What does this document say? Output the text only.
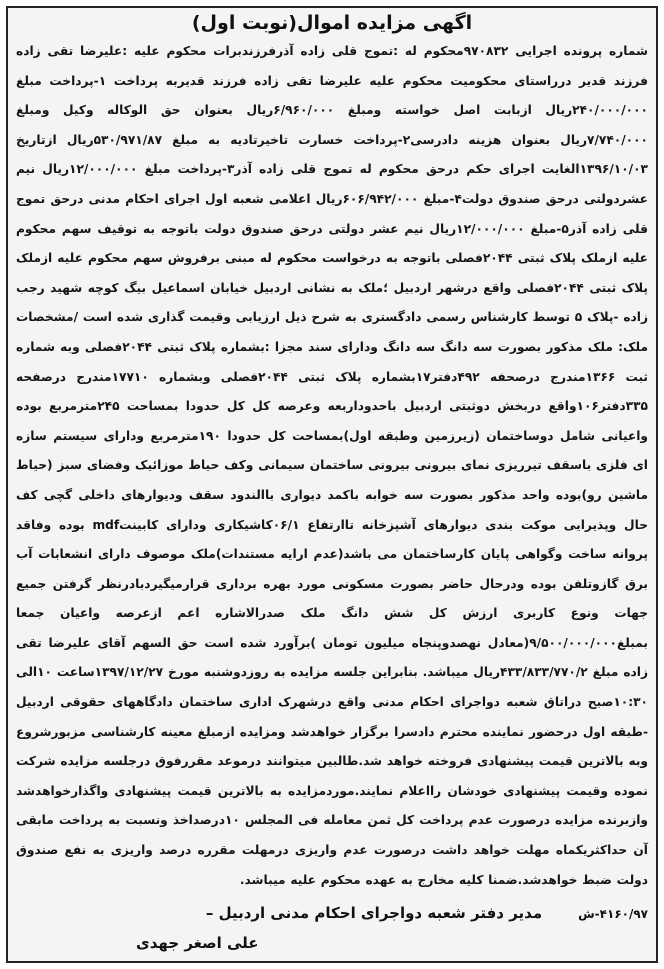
اگهی مزایده اموال(نوبت اول)

شماره پرونده اجرایی ۹۷۰۸۳۲محکوم له :تموج قلی زاده آذرفرزندبرات محکوم علیه :علیرضا تقی زاده فرزند قدیر درراستای محکومیت محکوم علیه علیرضا تقی زاده فرزند قدیربه پرداخت ۱-پرداخت مبلغ ۲۴۰/۰۰۰/۰۰۰ریال ازبابت اصل خواسته ومبلغ ۶/۹۶۰/۰۰۰ریال بعنوان حق الوکاله وکیل ومبلغ ۷/۷۴۰/۰۰۰ریال بعنوان هزینه دادرسی۲-پرداخت خسارت تاخیرتادیه به مبلغ ۵۳۰/۹۷۱/۸۷ریال ازتاریخ ۱۳۹۶/۱۰/۰۳الغایت اجرای حکم درحق محکوم له تموج قلی زاده آذر۳-پرداخت مبلغ ۱۲/۰۰۰/۰۰۰ریال نیم عشردولتی درحق صندوق دولت۴-مبلغ ۶۰۶/۹۴۲/۰۰۰ریال اعلامی شعبه اول اجرای احکام مدنی درحق تموج قلی زاده آذر۵-مبلغ ۱۲/۰۰۰/۰۰۰ریال نیم عشر دولتی درحق صندوق دولت باتوجه به توقیف سهم محکوم علیه ازملک پلاک ثبتی ۲۰۴۴فصلی باتوجه به درخواست محکوم له مبنی برفروش سهم محکوم علیه ازملک پلاک ثبتی ۲۰۴۴فصلی واقع درشهر اردبیل ؛ملک به نشانی اردبیل خیابان اسماعیل بیگ کوچه شهید رجب زاده -پلاک ۵ توسط کارشناس رسمی دادگستری به شرح ذیل ارزیابی وقیمت گذاری شده است /مشخصات ملک: ملک مذکور بصورت سه دانگ سه دانگ ودارای سند مجزا :بشماره پلاک ثبتی ۲۰۴۴فصلی وبه شماره ثبت ۱۳۶۶مندرج درصحفه ۴۹۲دفتر۱۷بشماره پلاک ثبتی ۲۰۴۴فصلی وبشماره ۱۷۷۱۰مندرج درصفحه ۳۳۵دفتر۱۰۶واقع دربخش دوثبتی اردبیل باحدوداربعه وعرصه کل کل حدودا بمساحت ۲۴۵مترمربع بوده واعیانی شامل دوساختمان (زیرزمین وطبقه اول)بمساحت کل حدودا ۱۹۰مترمربع ودارای سیستم سازه ای فلزی باسقف تیرریزی نمای بیرونی بیرونی ساختمان سیمانی وکف حیاط موزائیک وفضای سبز (حیاط ماشین رو)بوده واحد مذکور بصورت سه خوابه باکمد دیواری باالندود سقف ودیوارهای داخلی گچی کف حال وپذیرایی موکت بندی دیوارهای آشپزخانه تاارتفاع ۰۶/۱کاشیکاری ودارای کابینتmdf بوده وفاقد پروانه ساخت وگواهی پایان کارساختمان می باشد(عدم ارایه مستندات)ملک موصوف دارای انشعابات آب برق گازوتلفن بوده ودرحال حاضر بصورت مسکونی مورد بهره برداری قرارمیگیردبادرنظر گرفتن جمیع جهات ونوع کاربری ارزش کل شش دانگ ملک صدرالاشاره اعم ازعرصه واعیان جمعا بمبلغ۹/۵۰۰/۰۰۰/۰۰۰(معادل نهصدوپنجاه میلیون تومان )برآورد شده است حق السهم آقای علیرضا تقی زاده مبلغ ۴۳۳/۸۳۳/۷۷۰/۲ریال میباشد. بنابراین جلسه مزایده به روزدوشنبه مورخ ۱۳۹۷/۱۲/۲۷ساعت ۱۰الی ۱۰:۳۰صبح دراتاق شعبه دواجرای احکام مدنی واقع درشهرک اداری ساختمان دادگاههای حقوقی اردبیل -طبقه اول درحضور نماینده محترم دادسرا برگزار خواهدشد ومزایده ازمبلغ معینه کارشناسی مزبورشروع وبه بالاترین قیمت پیشنهادی فروخته خواهد شد.طالبین میتوانند درموعد مقررفوق درجلسه مزایده شرکت نموده وقیمت پیشنهادی خودشان رااعلام نمایند.موردمزایده به بالاترین قیمت پیشنهادی واگذارخواهدشد وازبرنده مزایده درصورت عدم پرداخت کل ثمن معامله فی المجلس ۱۰درصداخذ ونسبت به پرداخت مابقی آن حداکثریکماه مهلت خواهد داشت درصورت عدم واریزی درمهلت مقرره درصد واریزی به نفع صندوق دولت ضبط خواهدشد.ضمنا کلیه مخارج به عهده محکوم علیه میباشد.

۴۱۶۰/۹۷-ش
مدیر دفتر شعبه دواجرای احکام مدنی اردبیل –
علی اصغر جهدی
